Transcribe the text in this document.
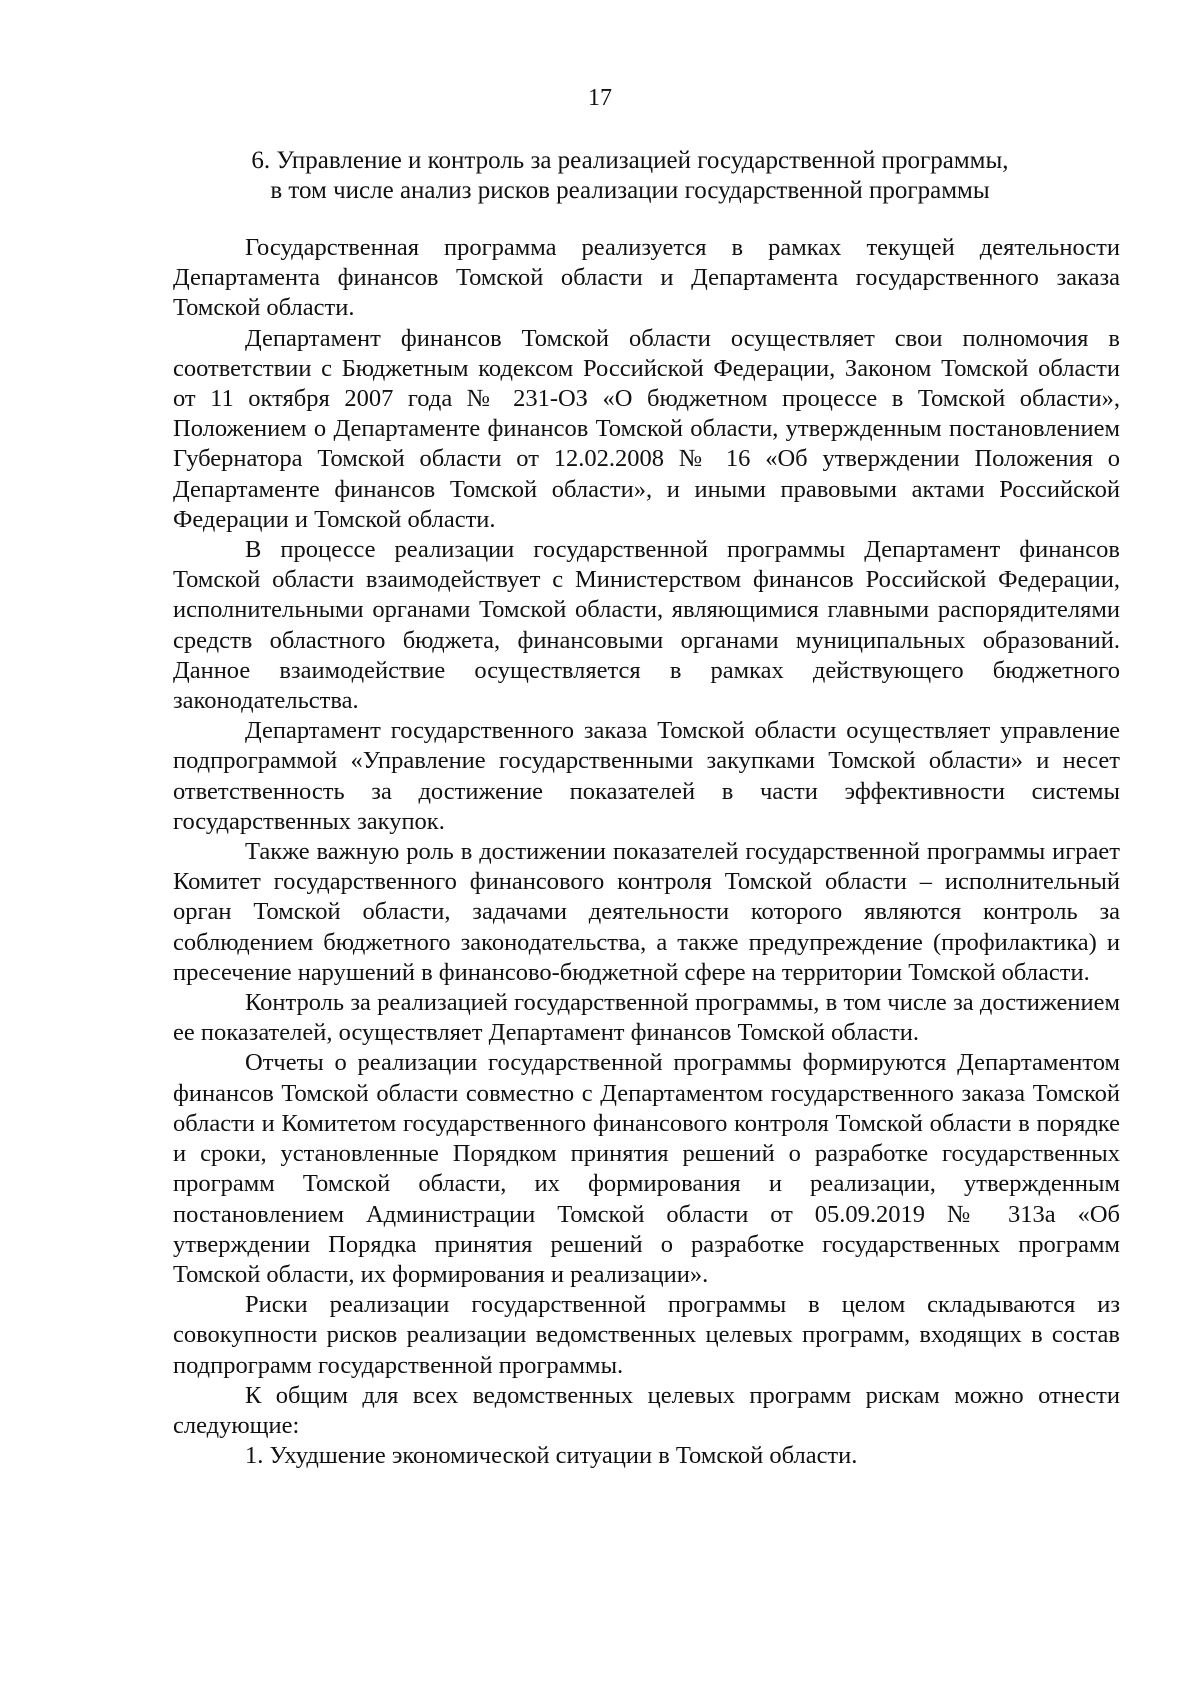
17
6. Управление и контроль за реализацией государственной программы,
в том числе анализ рисков реализации государственной программы

Государственная программа реализуется в рамках текущей деятельности Департамента финансов Томской области и Департамента государственного заказа Томской области.

Департамент финансов Томской области осуществляет свои полномочия в соответствии с Бюджетным кодексом Российской Федерации, Законом Томской области от 11 октября 2007 года № 231-ОЗ «О бюджетном процессе в Томской области», Положением о Департаменте финансов Томской области, утвержденным постановлением Губернатора Томской области от 12.02.2008 № 16 «Об утверждении Положения о Департаменте финансов Томской области», и иными правовыми актами Российской Федерации и Томской области.

В процессе реализации государственной программы Департамент финансов Томской области взаимодействует с Министерством финансов Российской Федерации, исполнительными органами Томской области, являющимися главными распорядителями средств областного бюджета, финансовыми органами муниципальных образований. Данное взаимодействие осуществляется в рамках действующего бюджетного законодательства.

Департамент государственного заказа Томской области осуществляет управление подпрограммой «Управление государственными закупками Томской области» и несет ответственность за достижение показателей в части эффективности системы государственных закупок.

Также важную роль в достижении показателей государственной программы играет Комитет государственного финансового контроля Томской области – исполнительный орган Томской области, задачами деятельности которого являются контроль за соблюдением бюджетного законодательства, а также предупреждение (профилактика) и пресечение нарушений в финансово-бюджетной сфере на территории Томской области.

Контроль за реализацией государственной программы, в том числе за достижением ее показателей, осуществляет Департамент финансов Томской области.

Отчеты о реализации государственной программы формируются Департаментом финансов Томской области совместно с Департаментом государственного заказа Томской области и Комитетом государственного финансового контроля Томской области в порядке и сроки, установленные Порядком принятия решений о разработке государственных программ Томской области, их формирования и реализации, утвержденным постановлением Администрации Томской области от 05.09.2019 № 313а «Об утверждении Порядка принятия решений о разработке государственных программ Томской области, их формирования и реализации».

Риски реализации государственной программы в целом складываются из совокупности рисков реализации ведомственных целевых программ, входящих в состав подпрограмм государственной программы.

К общим для всех ведомственных целевых программ рискам можно отнести следующие:

1. Ухудшение экономической ситуации в Томской области.
